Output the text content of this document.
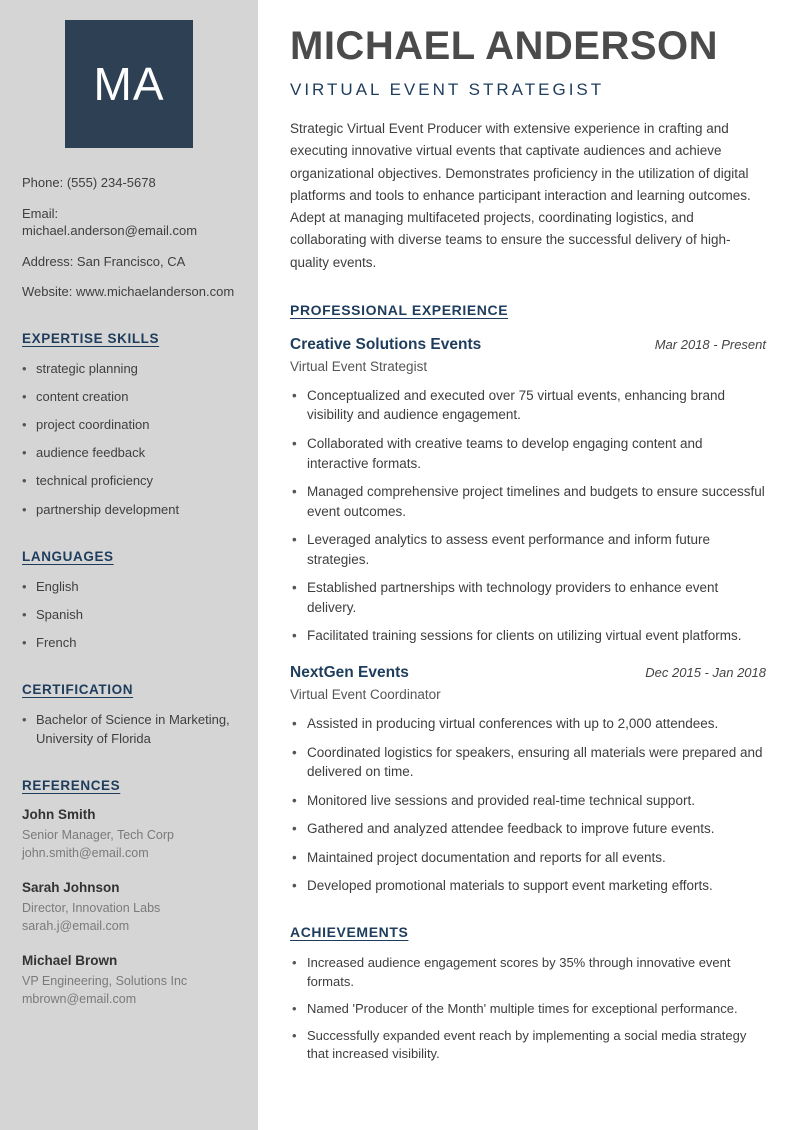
MA
Phone: (555) 234-5678
Email: michael.anderson@email.com
Address: San Francisco, CA
Website: www.michaelanderson.com
EXPERTISE SKILLS
• strategic planning
• content creation
• project coordination
• audience feedback
• technical proficiency
• partnership development
LANGUAGES
• English
• Spanish
• French
CERTIFICATION
• Bachelor of Science in Marketing, University of Florida
REFERENCES
John Smith
Senior Manager, Tech Corp
john.smith@email.com
Sarah Johnson
Director, Innovation Labs
sarah.j@email.com
Michael Brown
VP Engineering, Solutions Inc
mbrown@email.com
MICHAEL ANDERSON
VIRTUAL EVENT STRATEGIST

Strategic Virtual Event Producer with extensive experience in crafting and executing innovative virtual events that captivate audiences and achieve organizational objectives. Demonstrates proficiency in the utilization of digital platforms and tools to enhance participant interaction and learning outcomes. Adept at managing multifaceted projects, coordinating logistics, and collaborating with diverse teams to ensure the successful delivery of high-quality events.

PROFESSIONAL EXPERIENCE
Creative Solutions Events	Mar 2018 - Present
Virtual Event Strategist
• Conceptualized and executed over 75 virtual events, enhancing brand visibility and audience engagement.
• Collaborated with creative teams to develop engaging content and interactive formats.
• Managed comprehensive project timelines and budgets to ensure successful event outcomes.
• Leveraged analytics to assess event performance and inform future strategies.
• Established partnerships with technology providers to enhance event delivery.
• Facilitated training sessions for clients on utilizing virtual event platforms.
NextGen Events	Dec 2015 - Jan 2018
Virtual Event Coordinator
• Assisted in producing virtual conferences with up to 2,000 attendees.
• Coordinated logistics for speakers, ensuring all materials were prepared and delivered on time.
• Monitored live sessions and provided real-time technical support.
• Gathered and analyzed attendee feedback to improve future events.
• Maintained project documentation and reports for all events.
• Developed promotional materials to support event marketing efforts.
ACHIEVEMENTS
• Increased audience engagement scores by 35% through innovative event formats.
• Named 'Producer of the Month' multiple times for exceptional performance.
• Successfully expanded event reach by implementing a social media strategy that increased visibility.
